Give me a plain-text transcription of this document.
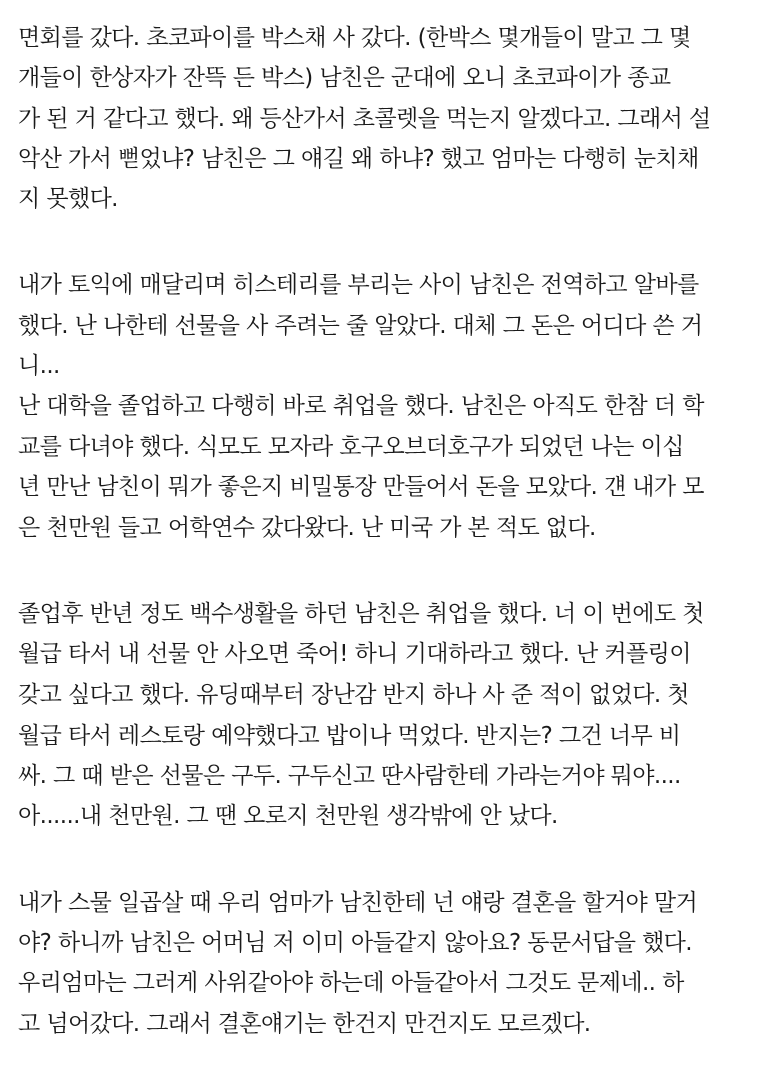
면회를 갔다. 초코파이를 박스채 사 갔다. (한박스 몇개들이 말고 그 몇
개들이 한상자가 잔뜩 든 박스) 남친은 군대에 오니 초코파이가 종교
가 된 거 같다고 했다. 왜 등산가서 초콜렛을 먹는지 알겠다고. 그래서 설
악산 가서 뻗었냐? 남친은 그 얘길 왜 하냐? 했고 엄마는 다행히 눈치채
지 못했다.
내가 토익에 매달리며 히스테리를 부리는 사이 남친은 전역하고 알바를
했다. 난 나한테 선물을 사 주려는 줄 알았다. 대체 그 돈은 어디다 쓴 거
니...
난 대학을 졸업하고 다행히 바로 취업을 했다. 남친은 아직도 한참 더 학
교를 다녀야 했다. 식모도 모자라 호구오브더호구가 되었던 나는 이십
년 만난 남친이 뭐가 좋은지 비밀통장 만들어서 돈을 모았다. 걘 내가 모
은 천만원 들고 어학연수 갔다왔다. 난 미국 가 본 적도 없다.
졸업후 반년 정도 백수생활을 하던 남친은 취업을 했다. 너 이 번에도 첫
월급 타서 내 선물 안 사오면 죽어! 하니 기대하라고 했다. 난 커플링이
갖고 싶다고 했다. 유딩때부터 장난감 반지 하나 사 준 적이 없었다. 첫
월급 타서 레스토랑 예약했다고 밥이나 먹었다. 반지는? 그건 너무 비
싸. 그 때 받은 선물은 구두. 구두신고 딴사람한테 가라는거야 뭐야....
아......내 천만원. 그 땐 오로지 천만원 생각밖에 안 났다.
내가 스물 일곱살 때 우리 엄마가 남친한테 넌 얘랑 결혼을 할거야 말거
야? 하니까 남친은 어머님 저 이미 아들같지 않아요? 동문서답을 했다.
우리엄마는 그러게 사위같아야 하는데 아들같아서 그것도 문제네.. 하
고 넘어갔다. 그래서 결혼얘기는 한건지 만건지도 모르겠다.
